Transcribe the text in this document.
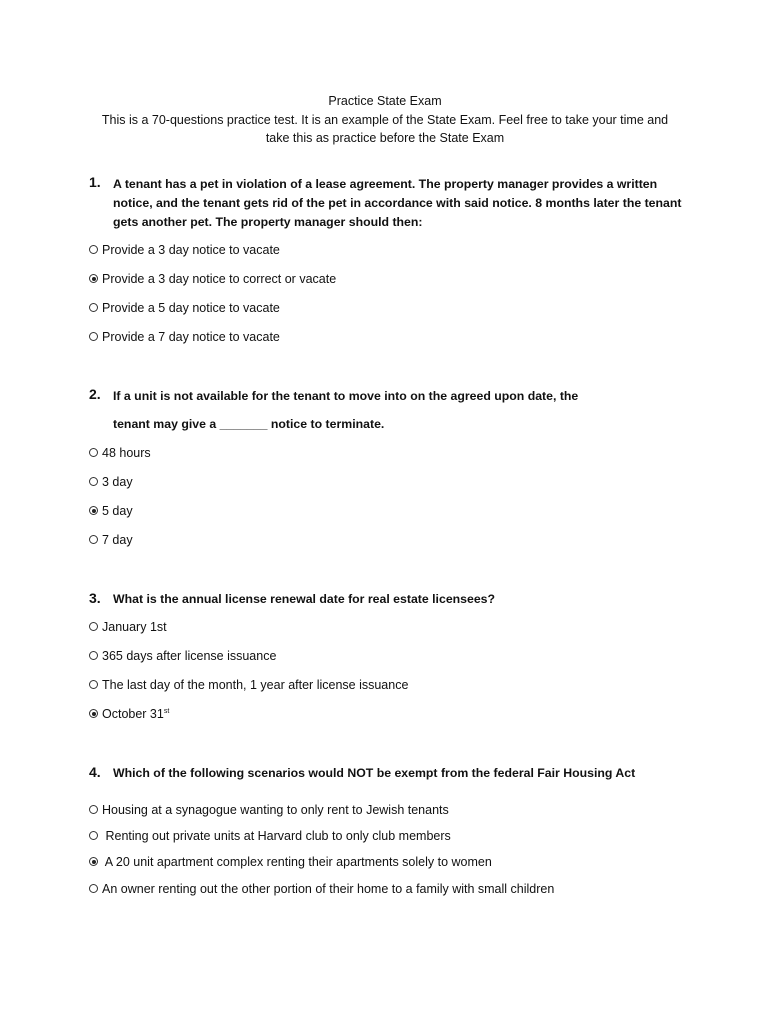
Practice State Exam
This is a 70-questions practice test. It is an example of the State Exam. Feel free to take your time and
take this as practice before the State Exam
1. A tenant has a pet in violation of a lease agreement. The property manager provides a written
notice, and the tenant gets rid of the pet in accordance with said notice. 8 months later the tenant
gets another pet. The property manager should then:
Provide a 3 day notice to vacate
Provide a 3 day notice to correct or vacate
Provide a 5 day notice to vacate
Provide a 7 day notice to vacate
2. If a unit is not available for the tenant to move into on the agreed upon date, the
tenant may give a _______ notice to terminate.
48 hours
3 day
5 day
7 day
3. What is the annual license renewal date for real estate licensees?
January 1st
365 days after license issuance
The last day of the month, 1 year after license issuance
October 31st
4. Which of the following scenarios would NOT be exempt from the federal Fair Housing Act
Housing at a synagogue wanting to only rent to Jewish tenants
Renting out private units at Harvard club to only club members
A 20 unit apartment complex renting their apartments solely to women
An owner renting out the other portion of their home to a family with small children
